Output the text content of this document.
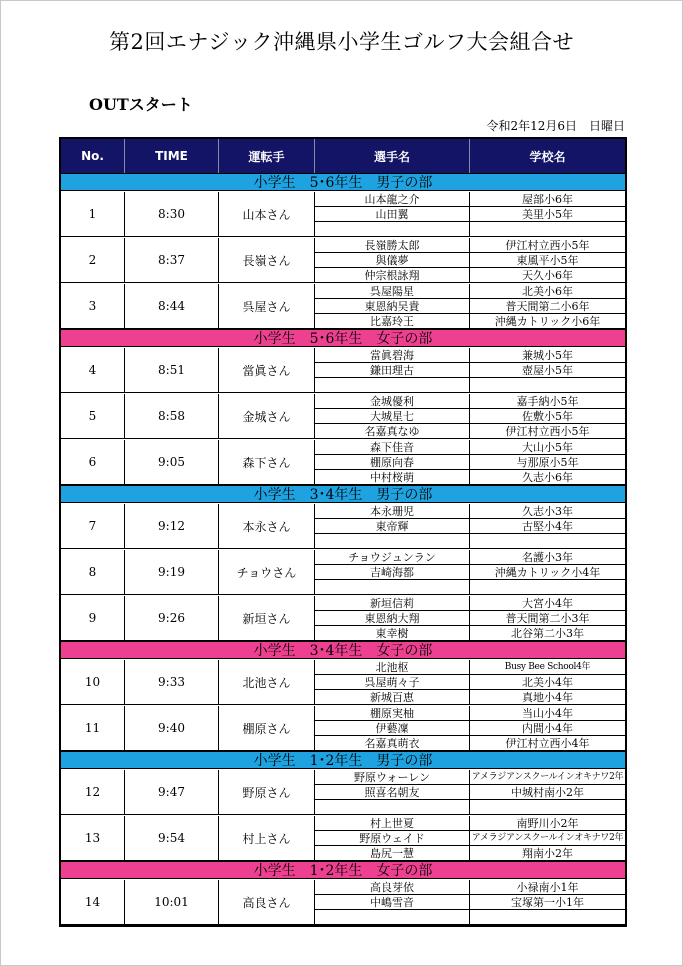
第2回エナジック沖縄県小学生ゴルフ大会組合せ
OUTスタート
令和2年12月6日　日曜日
No.	TIME	運転手	選手名	学校名
小学生　5･6年生　男子の部
1	8:30	山本さん
山本龍之介	屋部小6年
山田翼	美里小5年
2	8:37	長嶺さん
長嶺勝太郎	伊江村立西小5年
與儀夢	東風平小5年
仲宗根詠翔	天久小6年
3	8:44	呉屋さん
呉屋陽星	北美小6年
東恩納吴貴	普天間第二小6年
比嘉玲王	沖縄カトリック小6年
小学生　5･6年生　女子の部
4	8:51	當眞さん
當眞碧海	兼城小5年
鎌田理古	壺屋小5年
5	8:58	金城さん
金城優利	嘉手納小5年
大城星七	佐敷小5年
名嘉真なゆ	伊江村立西小5年
6	9:05	森下さん
森下佳音	大山小5年
棚原向春	与那原小5年
中村桜萌	久志小6年
小学生　3･4年生　男子の部
7	9:12	本永さん
本永珊児	久志小3年
東帝輝	古堅小4年
8	9:19	チョウさん
チョウジュンラン	名護小3年
吉崎海都	沖縄カトリック小4年
9	9:26	新垣さん
新垣信莉	大宮小4年
東恩納大翔	普天間第二小3年
東幸樹	北谷第二小3年
小学生　3･4年生　女子の部
10	9:33	北池さん
北池枢	Busy Bee School4年
呉屋萌々子	北美小4年
新城百恵	真地小4年
11	9:40	棚原さん
棚原実柚	当山小4年
伊藝凜	内間小4年
名嘉真萌衣	伊江村立西小4年
小学生　1･2年生　男子の部
12	9:47	野原さん
野原ウォーレン	アメラジアンスクールインオキナワ2年
照喜名朝友	中城村南小2年
13	9:54	村上さん
村上世夏	南野川小2年
野原ウェイド	アメラジアンスクールインオキナワ2年
島尻一慧	翔南小2年
小学生　1･2年生　女子の部
14	10:01	高良さん
高良芽依	小禄南小1年
中嶋雪音	宝塚第一小1年
